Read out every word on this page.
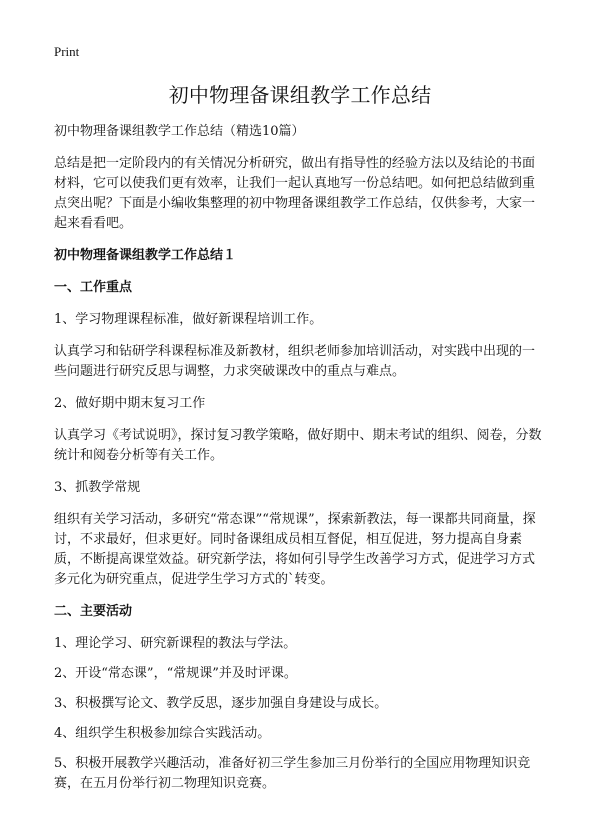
Print
初中物理备课组教学工作总结

初中物理备课组教学工作总结（精选10篇）

总结是把一定阶段内的有关情况分析研究，做出有指导性的经验方法以及结论的书面材料，它可以使我们更有效率，让我们一起认真地写一份总结吧。如何把总结做到重点突出呢？下面是小编收集整理的初中物理备课组教学工作总结，仅供参考，大家一起来看看吧。

初中物理备课组教学工作总结１

一、工作重点

1、学习物理课程标准，做好新课程培训工作。

认真学习和钻研学科课程标准及新教材，组织老师参加培训活动，对实践中出现的一些问题进行研究反思与调整，力求突破课改中的重点与难点。

2、做好期中期末复习工作

认真学习《考试说明》，探讨复习教学策略，做好期中、期末考试的组织、阅卷，分数统计和阅卷分析等有关工作。

3、抓教学常规

组织有关学习活动，多研究“常态课”“常规课”，探索新教法，每一课都共同商量，探讨，不求最好，但求更好。同时备课组成员相互督促，相互促进，努力提高自身素质，不断提高课堂效益。研究新学法，将如何引导学生改善学习方式，促进学习方式多元化为研究重点，促进学生学习方式的`转变。

二、主要活动

1、理论学习、研究新课程的教法与学法。

2、开设“常态课”，“常规课”并及时评课。

3、积极撰写论文、教学反思，逐步加强自身建设与成长。

4、组织学生积极参加综合实践活动。

5、积极开展教学兴趣活动，准备好初三学生参加三月份举行的全国应用物理知识竞赛，在五月份举行初二物理知识竞赛。
